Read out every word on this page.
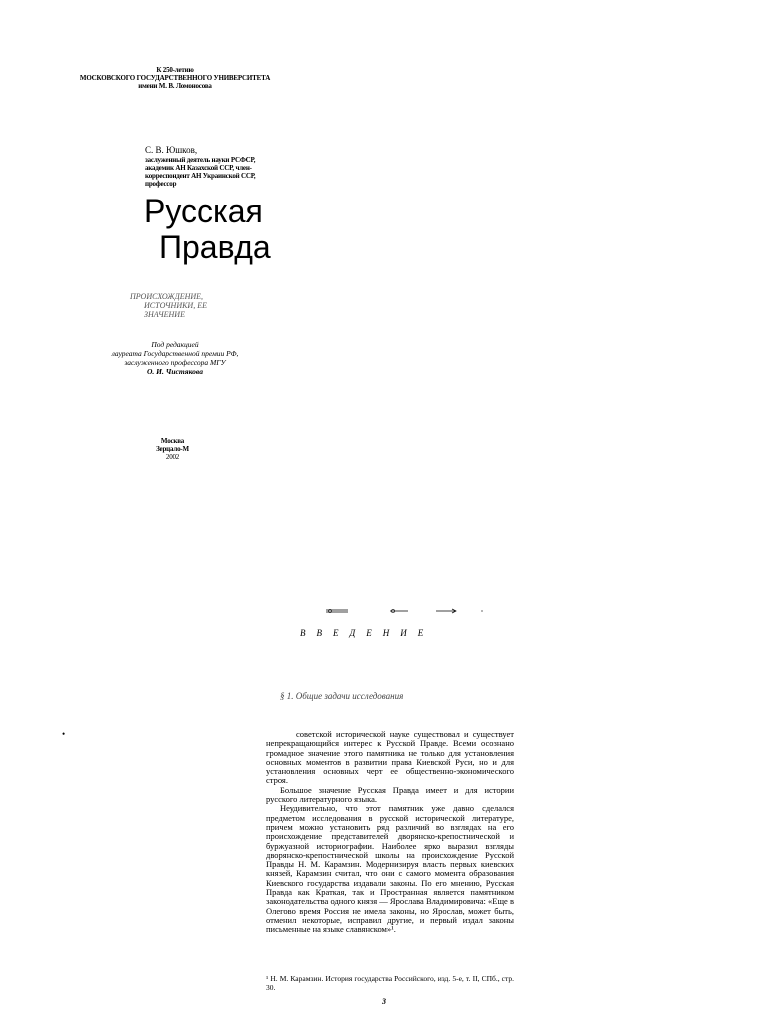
К 250-летию
МОСКОВСКОГО ГОСУДАРСТВЕННОГО УНИВЕРСИТЕТА
имени М. В. Ломоносова
С. В. Юшков,
заслуженный деятель науки РСФСР,
академик АН Казахской ССР, член-
корреспондент АН Украинской ССР,
профессор
Русская
Правда
ПРОИСХОЖДЕНИЕ,
ИСТОЧНИКИ, ЕЕ
ЗНАЧЕНИЕ
Под редакцией
лауреата Государственной премии РФ,
заслуженного профессора МГУ
О. И. Чистякова
Москва
Зерцало-М
2002
ВВЕДЕНИЕ
§ 1. Общие задачи исследования
•	советской исторической науке существовал и существует непрекращающийся интерес к Русской Правде. Всеми осознано громадное значение этого памятника не только для установления основных моментов в развитии права Киевской Руси, но и для установления основных черт ее общественно-экономического строя.

Большое значение Русская Правда имеет и для истории русского литературного языка.

Неудивительно, что этот памятник уже давно сделался предметом исследования в русской исторической литературе, причем можно установить ряд различий во взглядах на его происхождение представителей дворянско-крепостнической и буржуазной историографии. Наиболее ярко выразил взгляды дворянско-крепостнической школы на происхождение Русской Правды Н. М. Карамзин. Модернизируя власть первых киевских князей, Карамзин считал, что они с самого момента образования Киевского государства издавали законы. По его мнению, Русская Правда как Краткая, так и Пространная является памятником законодательства одного князя — Ярослава Владимировича: «Еще в Олегово время Россия не имела законы, но Ярослав, может быть, отменил некоторые, исправил другие, и первый издал законы письменные на языке славянском»¹.

¹ Н. М. Карамзин. История государства Российского, изд. 5-е, т. II, СПб., стр. 30.
3
